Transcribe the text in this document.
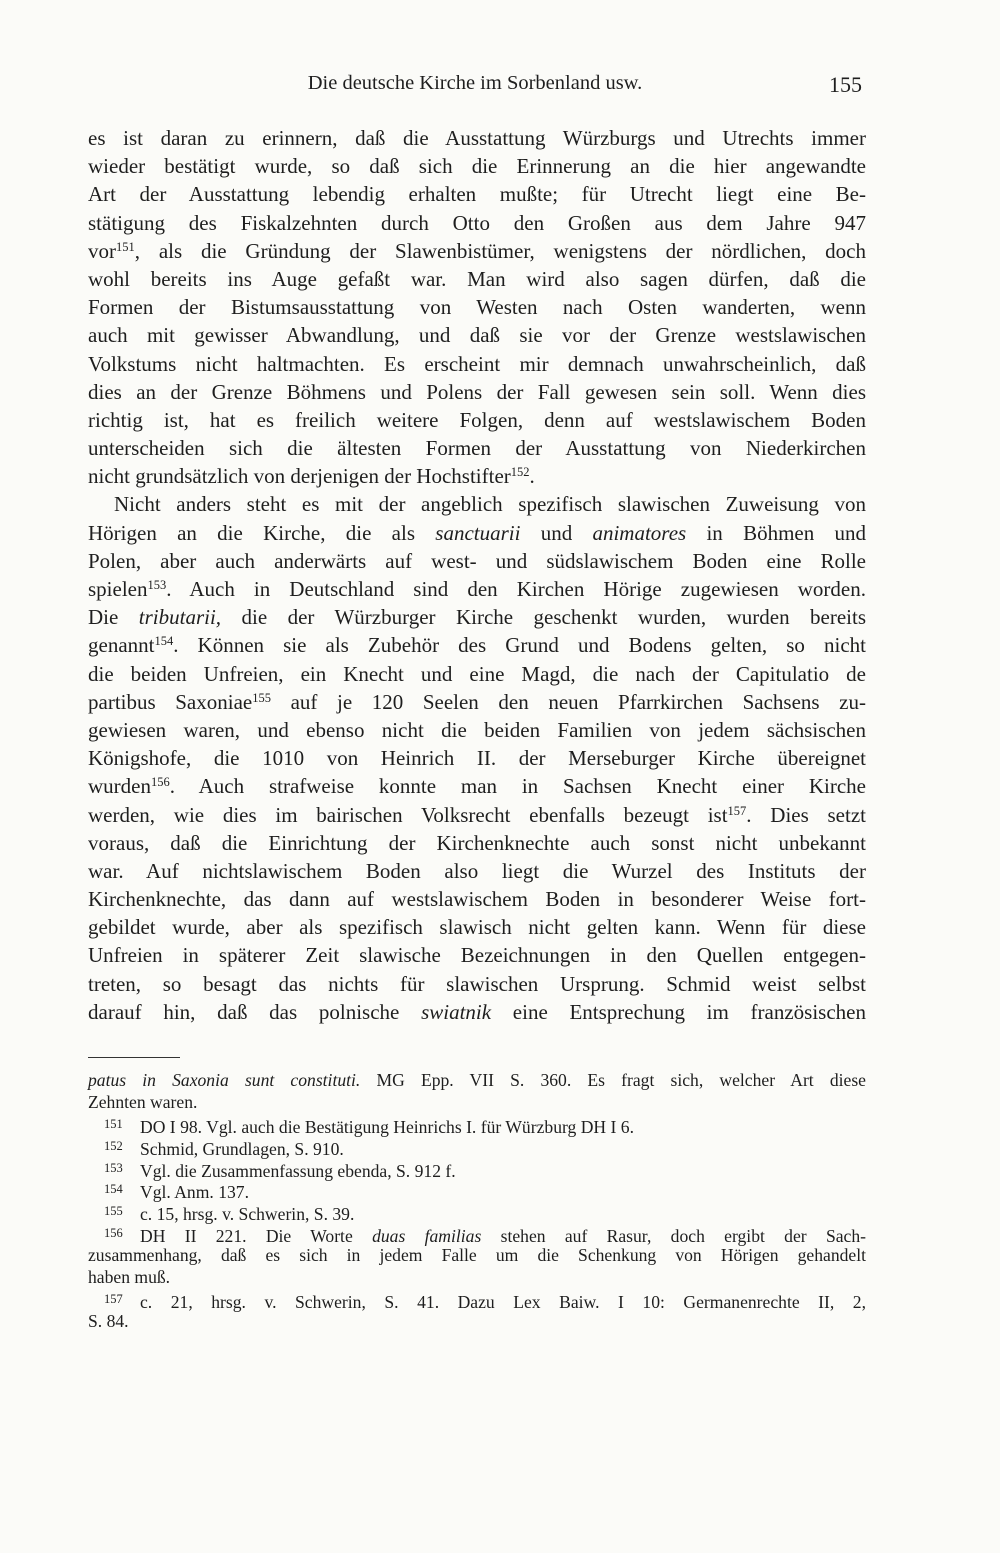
Die deutsche Kirche im Sorbenland usw.	155
es ist daran zu erinnern, daß die Ausstattung Würzburgs und Utrechts immer
wieder bestätigt wurde, so daß sich die Erinnerung an die hier angewandte
Art der Ausstattung lebendig erhalten mußte; für Utrecht liegt eine Be-
stätigung des Fiskalzehnten durch Otto den Großen aus dem Jahre 947
vor$^{151}$, als die Gründung der Slawenbistümer, wenigstens der nördlichen, doch
wohl bereits ins Auge gefaßt war. Man wird also sagen dürfen, daß die
Formen der Bistumsausstattung von Westen nach Osten wanderten, wenn
auch mit gewisser Abwandlung, und daß sie vor der Grenze westslawischen
Volkstums nicht haltmachten. Es erscheint mir demnach unwahrscheinlich, daß
dies an der Grenze Böhmens und Polens der Fall gewesen sein soll. Wenn dies
richtig ist, hat es freilich weitere Folgen, denn auf westslawischem Boden
unterscheiden sich die ältesten Formen der Ausstattung von Niederkirchen
nicht grundsätzlich von derjenigen der Hochstifter$^{152}$.
Nicht anders steht es mit der angeblich spezifisch slawischen Zuweisung von
Hörigen an die Kirche, die als sanctuarii und animatores in Böhmen und
Polen, aber auch anderwärts auf west- und südslawischem Boden eine Rolle
spielen$^{153}$. Auch in Deutschland sind den Kirchen Hörige zugewiesen worden.
Die tributarii, die der Würzburger Kirche geschenkt wurden, wurden bereits
genannt$^{154}$. Können sie als Zubehör des Grund und Bodens gelten, so nicht
die beiden Unfreien, ein Knecht und eine Magd, die nach der Capitulatio de
partibus Saxoniae$^{155}$ auf je 120 Seelen den neuen Pfarrkirchen Sachsens zu-
gewiesen waren, und ebenso nicht die beiden Familien von jedem sächsischen
Königshofe, die 1010 von Heinrich II. der Merseburger Kirche übereignet
wurden$^{156}$. Auch strafweise konnte man in Sachsen Knecht einer Kirche
werden, wie dies im bairischen Volksrecht ebenfalls bezeugt ist$^{157}$. Dies setzt
voraus, daß die Einrichtung der Kirchenknechte auch sonst nicht unbekannt
war. Auf nichtslawischem Boden also liegt die Wurzel des Instituts der
Kirchenknechte, das dann auf westslawischem Boden in besonderer Weise fort-
gebildet wurde, aber als spezifisch slawisch nicht gelten kann. Wenn für diese
Unfreien in späterer Zeit slawische Bezeichnungen in den Quellen entgegen-
treten, so besagt das nichts für slawischen Ursprung. Schmid weist selbst
darauf hin, daß das polnische swiatnik eine Entsprechung im französischen
patus in Saxonia sunt constituti. MG Epp. VII S. 360. Es fragt sich, welcher Art diese
Zehnten waren.
151 DO I 98. Vgl. auch die Bestätigung Heinrichs I. für Würzburg DH I 6.
152 Schmid, Grundlagen, S. 910.
153 Vgl. die Zusammenfassung ebenda, S. 912 f.
154 Vgl. Anm. 137.
155 c. 15, hrsg. v. Schwerin, S. 39.
156 DH II 221. Die Worte duas familias stehen auf Rasur, doch ergibt der Sach-
zusammenhang, daß es sich in jedem Falle um die Schenkung von Hörigen gehandelt
haben muß.
157 c. 21, hrsg. v. Schwerin, S. 41. Dazu Lex Baiw. I 10: Germanenrechte II, 2,
S. 84.
